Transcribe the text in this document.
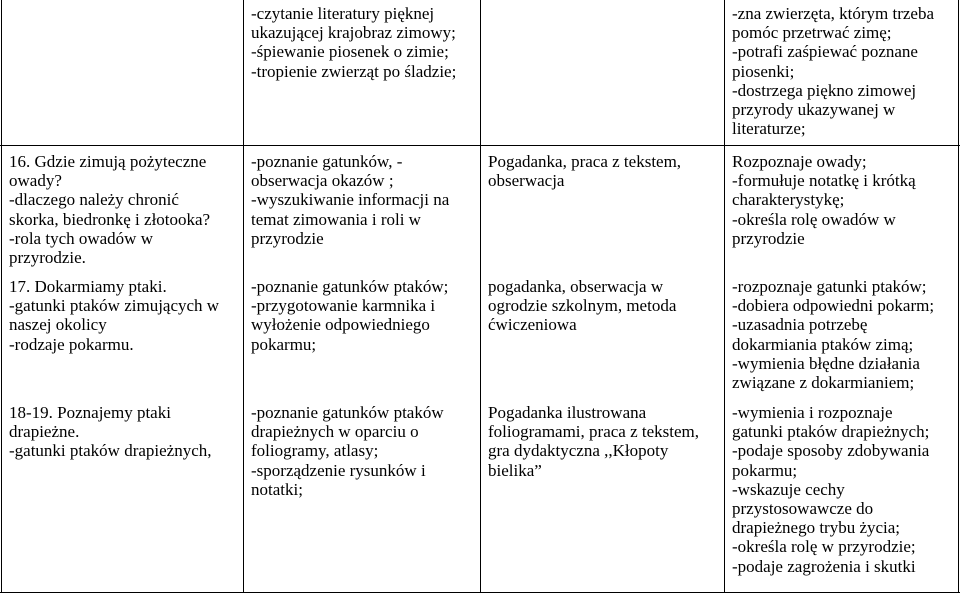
16. Gdzie zimują pożyteczne
owady?
-dlaczego należy chronić
skorka, biedronkę i złotooka?
-rola tych owadów w
przyrodzie.
17. Dokarmiamy ptaki.
-gatunki ptaków zimujących w
naszej okolicy
-rodzaje pokarmu.
18-19. Poznajemy ptaki
drapieżne.
-gatunki ptaków drapieżnych,
-czytanie literatury pięknej
ukazującej krajobraz zimowy;
-śpiewanie piosenek o zimie;
-tropienie zwierząt po śladzie;
-poznanie gatunków, -
obserwacja okazów ;
-wyszukiwanie informacji na
temat zimowania i roli w
przyrodzie
-poznanie gatunków ptaków;
-przygotowanie karmnika i
wyłożenie odpowiedniego
pokarmu;
-poznanie gatunków ptaków
drapieżnych w oparciu o
foliogramy, atlasy;
-sporządzenie rysunków i
notatki;
Pogadanka, praca z tekstem,
obserwacja
pogadanka, obserwacja w
ogrodzie szkolnym, metoda
ćwiczeniowa
Pogadanka ilustrowana
foliogramami, praca z tekstem,
gra dydaktyczna ,,Kłopoty
bielika”
-zna zwierzęta, którym trzeba
pomóc przetrwać zimę;
-potrafi zaśpiewać poznane
piosenki;
-dostrzega piękno zimowej
przyrody ukazywanej w
literaturze;
Rozpoznaje owady;
-formułuje notatkę i krótką
charakterystykę;
-określa rolę owadów w
przyrodzie
-rozpoznaje gatunki ptaków;
-dobiera odpowiedni pokarm;
-uzasadnia potrzebę
dokarmiania ptaków zimą;
-wymienia błędne działania
związane z dokarmianiem;
-wymienia i rozpoznaje
gatunki ptaków drapieżnych;
-podaje sposoby zdobywania
pokarmu;
-wskazuje cechy
przystosowawcze do
drapieżnego trybu życia;
-określa rolę w przyrodzie;
-podaje zagrożenia i skutki
